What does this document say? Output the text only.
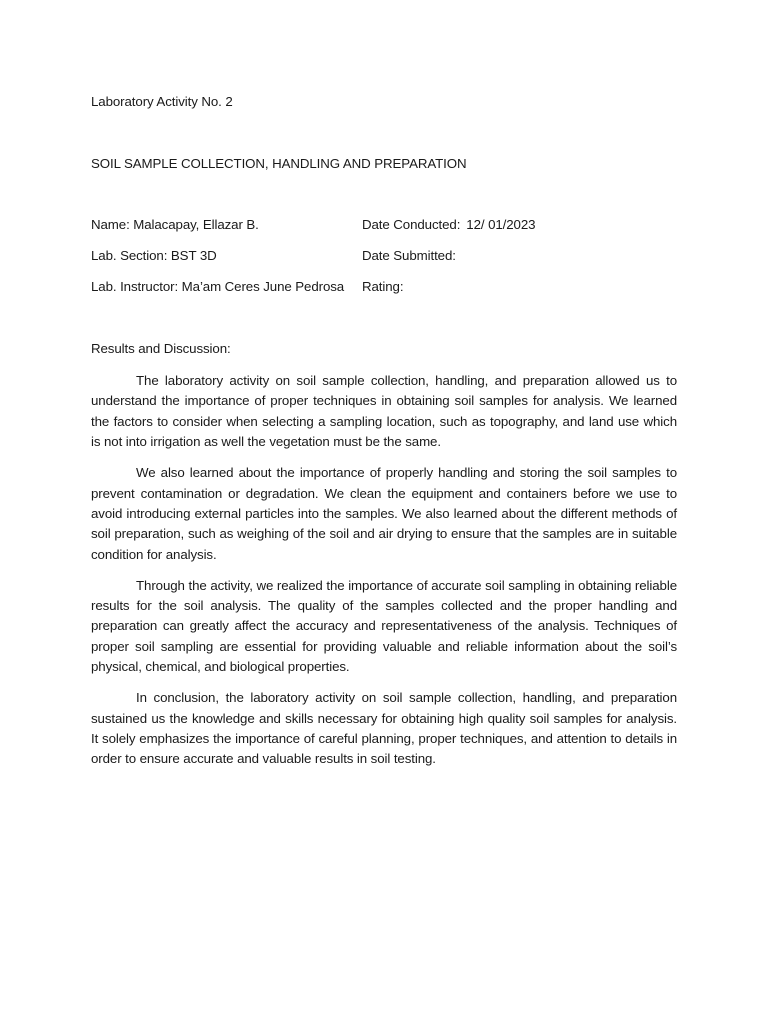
Laboratory Activity No. 2
SOIL SAMPLE COLLECTION, HANDLING AND PREPARATION
Name: Malacapay, Ellazar B.	Date Conducted: 12/ 01/2023
Lab. Section: BST 3D	Date Submitted:
Lab. Instructor: Ma’am Ceres June Pedrosa Rating:
Results and Discussion:

The laboratory activity on soil sample collection, handling, and preparation allowed us to understand the importance of proper techniques in obtaining soil samples for analysis. We learned the factors to consider when selecting a sampling location, such as topography, and land use which is not into irrigation as well the vegetation must be the same.

We also learned about the importance of properly handling and storing the soil samples to prevent contamination or degradation. We clean the equipment and containers before we use to avoid introducing external particles into the samples. We also learned about the different methods of soil preparation, such as weighing of the soil and air drying to ensure that the samples are in suitable condition for analysis.

Through the activity, we realized the importance of accurate soil sampling in obtaining reliable results for the soil analysis. The quality of the samples collected and the proper handling and preparation can greatly affect the accuracy and representativeness of the analysis. Techniques of proper soil sampling are essential for providing valuable and reliable information about the soil’s physical, chemical, and biological properties.

In conclusion, the laboratory activity on soil sample collection, handling, and preparation sustained us the knowledge and skills necessary for obtaining high quality soil samples for analysis. It solely emphasizes the importance of careful planning, proper techniques, and attention to details in order to ensure accurate and valuable results in soil testing.
